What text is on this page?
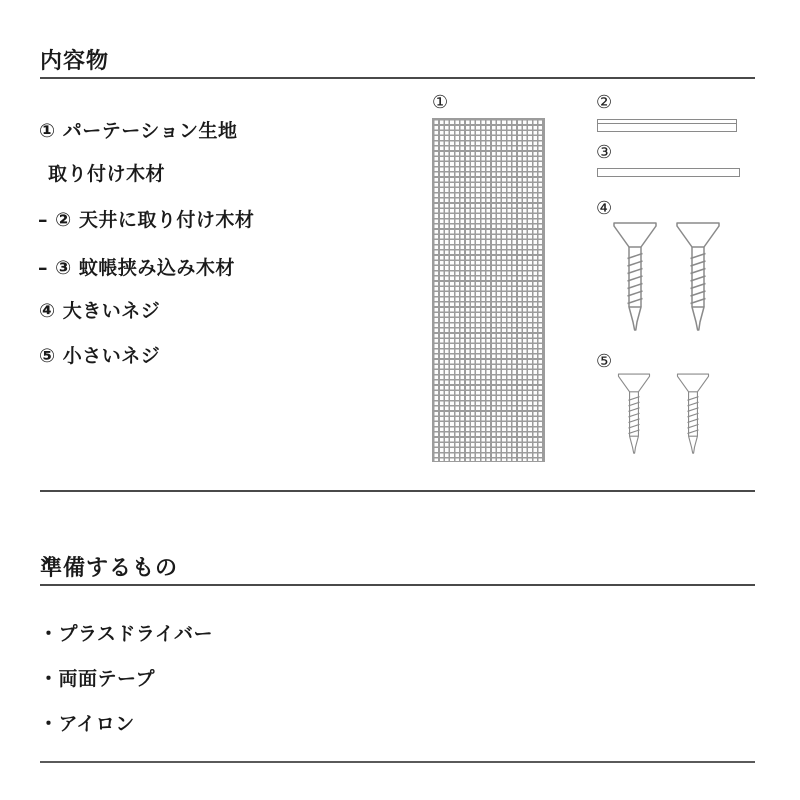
内容物
① パーテーション生地
取り付け木材
– ② 天井に取り付け木材
– ③ 蚊帳挟み込み木材
④ 大きいネジ
⑤ 小さいネジ
①	②
③
④
⑤
準備するもの
・プラスドライバー
・両面テープ
・アイロン
